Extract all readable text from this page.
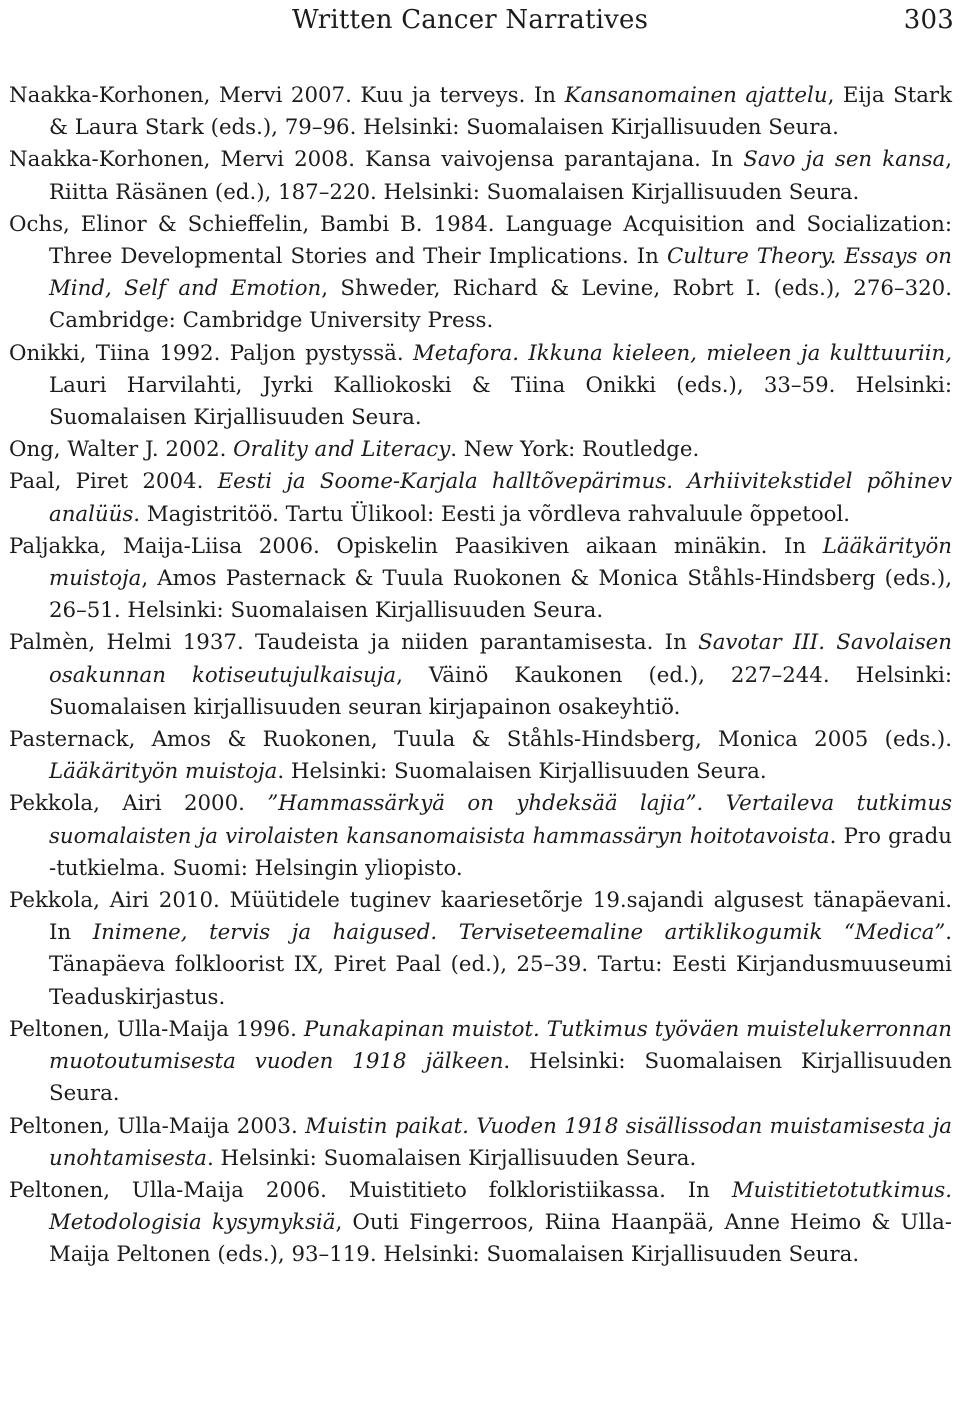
Written Cancer Narratives	303

Naakka-Korhonen, Mervi 2007. Kuu ja terveys. In Kansanomainen ajattelu, Eija Stark & Laura Stark (eds.), 79–96. Helsinki: Suomalaisen Kirjallisuuden Seura.

Naakka-Korhonen, Mervi 2008. Kansa vaivojensa parantajana. In Savo ja sen kansa, Riitta Räsänen (ed.), 187–220. Helsinki: Suomalaisen Kirjallisuuden Seura.

Ochs, Elinor & Schieffelin, Bambi B. 1984. Language Acquisition and Socialization: Three Developmental Stories and Their Implications. In Culture Theory. Essays on Mind, Self and Emotion, Shweder, Richard & Levine, Robrt I. (eds.), 276–320. Cambridge: Cambridge University Press.

Onikki, Tiina 1992. Paljon pystyssä. Metafora. Ikkuna kieleen, mieleen ja kulttuuriin, Lauri Harvilahti, Jyrki Kalliokoski & Tiina Onikki (eds.), 33–59. Helsinki: Suomalaisen Kirjallisuuden Seura.

Ong, Walter J. 2002. Orality and Literacy. New York: Routledge.

Paal, Piret 2004. Eesti ja Soome-Karjala halltõvepärimus. Arhiivitekstidel põhinev analüüs. Magistritöö. Tartu Ülikool: Eesti ja võrdleva rahvaluule õppetool.

Paljakka, Maija-Liisa 2006. Opiskelin Paasikiven aikaan minäkin. In Lääkärityön muistoja, Amos Pasternack & Tuula Ruokonen & Monica Ståhls-Hindsberg (eds.), 26–51. Helsinki: Suomalaisen Kirjallisuuden Seura.

Palmèn, Helmi 1937. Taudeista ja niiden parantamisesta. In Savotar III. Savolaisen osakunnan kotiseutujulkaisuja, Väinö Kaukonen (ed.), 227–244. Helsinki: Suomalaisen kirjallisuuden seuran kirjapainon osakeyhtiö.

Pasternack, Amos & Ruokonen, Tuula & Ståhls-Hindsberg, Monica 2005 (eds.). Lääkärityön muistoja. Helsinki: Suomalaisen Kirjallisuuden Seura.

Pekkola, Airi 2000. ”Hammassärkyä on yhdeksää lajia”. Vertaileva tutkimus suomalaisten ja virolaisten kansanomaisista hammassäryn hoitotavoista. Pro gradu -tutkielma. Suomi: Helsingin yliopisto.

Pekkola, Airi 2010. Müütidele tuginev kaariesetõrje 19.sajandi algusest tänapäevani. In Inimene, tervis ja haigused. Terviseteemaline artiklikogumik “Medica”. Tänapäeva folkloorist IX, Piret Paal (ed.), 25–39. Tartu: Eesti Kirjandusmuuseumi Teaduskirjastus.

Peltonen, Ulla-Maija 1996. Punakapinan muistot. Tutkimus työväen muistelukerronnan muotoutumisesta vuoden 1918 jälkeen. Helsinki: Suomalaisen Kirjallisuuden Seura.

Peltonen, Ulla-Maija 2003. Muistin paikat. Vuoden 1918 sisällissodan muistamisesta ja unohtamisesta. Helsinki: Suomalaisen Kirjallisuuden Seura.

Peltonen, Ulla-Maija 2006. Muistitieto folkloristiikassa. In Muistitietotutkimus. Metodologisia kysymyksiä, Outi Fingerroos, Riina Haanpää, Anne Heimo & Ulla-Maija Peltonen (eds.), 93–119. Helsinki: Suomalaisen Kirjallisuuden Seura.
